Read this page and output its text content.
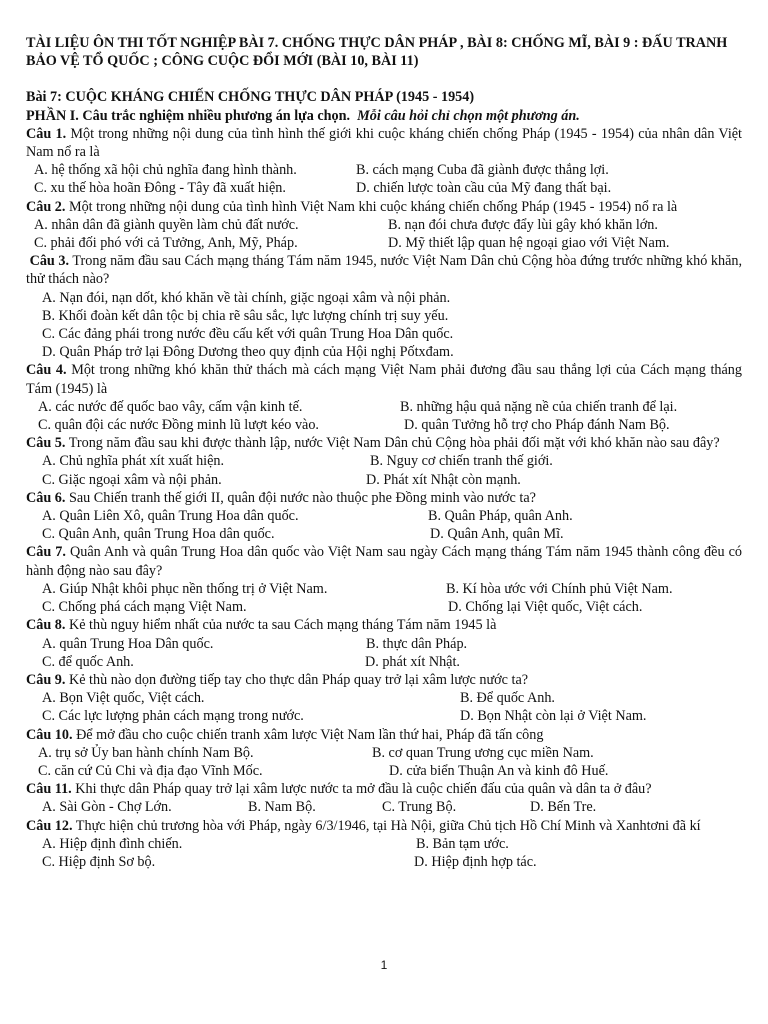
TÀI LIỆU ÔN THI TỐT NGHIỆP BÀI 7. CHỐNG THỰC DÂN PHÁP , BÀI 8: CHỐNG MĨ, BÀI 9 : ĐẤU TRANH BẢO VỆ TỔ QUỐC ; CÔNG CUỘC ĐỔI MỚI (BÀI 10, BÀI 11)

Bài 7: CUỘC KHÁNG CHIẾN CHỐNG THỰC DÂN PHÁP (1945 - 1954)

PHẦN I. Câu trắc nghiệm nhiều phương án lựa chọn. Mỗi câu hỏi chỉ chọn một phương án.

Câu 1. Một trong những nội dung của tình hình thế giới khi cuộc kháng chiến chống Pháp (1945 - 1954) của nhân dân Việt Nam nổ ra là

A. hệ thống xã hội chủ nghĩa đang hình thành.	B. cách mạng Cuba đã giành được thắng lợi.
C. xu thế hòa hoãn Đông - Tây đã xuất hiện.	D. chiến lược toàn cầu của Mỹ đang thất bại.

Câu 2. Một trong những nội dung của tình hình Việt Nam khi cuộc kháng chiến chống Pháp (1945 - 1954) nổ ra là

A. nhân dân đã giành quyền làm chủ đất nước.	B. nạn đói chưa được đẩy lùi gây khó khăn lớn.
C. phải đối phó với cả Tưởng, Anh, Mỹ, Pháp.	D. Mỹ thiết lập quan hệ ngoại giao với Việt Nam.

Câu 3. Trong năm đầu sau Cách mạng tháng Tám năm 1945, nước Việt Nam Dân chủ Cộng hòa đứng trước những khó khăn, thử thách nào?

A. Nạn đói, nạn dốt, khó khăn về tài chính, giặc ngoại xâm và nội phản.

B. Khối đoàn kết dân tộc bị chia rẽ sâu sắc, lực lượng chính trị suy yếu.

C. Các đảng phái trong nước đều cấu kết với quân Trung Hoa Dân quốc.

D. Quân Pháp trở lại Đông Dương theo quy định của Hội nghị Pốtxđam.

Câu 4. Một trong những khó khăn thử thách mà cách mạng Việt Nam phải đương đầu sau thắng lợi của Cách mạng tháng Tám (1945) là

A. các nước đế quốc bao vây, cấm vận kinh tế.	B. những hậu quả nặng nề của chiến tranh để lại.
C. quân đội các nước Đồng minh lũ lượt kéo vào.	D. quân Tưởng hỗ trợ cho Pháp đánh Nam Bộ.

Câu 5. Trong năm đầu sau khi được thành lập, nước Việt Nam Dân chủ Cộng hòa phải đối mặt với khó khăn nào sau đây?

A. Chủ nghĩa phát xít xuất hiện.	B. Nguy cơ chiến tranh thế giới.
C. Giặc ngoại xâm và nội phản.	D. Phát xít Nhật còn mạnh.

Câu 6. Sau Chiến tranh thế giới II, quân đội nước nào thuộc phe Đồng minh vào nước ta?

A. Quân Liên Xô, quân Trung Hoa dân quốc.	B. Quân Pháp, quân Anh.
C. Quân Anh, quân Trung Hoa dân quốc.	D. Quân Anh, quân Mĩ.

Câu 7. Quân Anh và quân Trung Hoa dân quốc vào Việt Nam sau ngày Cách mạng tháng Tám năm 1945 thành công đều có hành động nào sau đây?

A. Giúp Nhật khôi phục nền thống trị ở Việt Nam.	B. Kí hòa ước với Chính phủ Việt Nam.
C. Chống phá cách mạng Việt Nam.	D. Chống lại Việt quốc, Việt cách.

Câu 8. Kẻ thù nguy hiểm nhất của nước ta sau Cách mạng tháng Tám năm 1945 là

A. quân Trung Hoa Dân quốc.	B. thực dân Pháp.
C. để quốc Anh.	D. phát xít Nhật.

Câu 9. Kẻ thù nào dọn đường tiếp tay cho thực dân Pháp quay trở lại xâm lược nước ta?

A. Bọn Việt quốc, Việt cách.	B. Để quốc Anh.
C. Các lực lượng phản cách mạng trong nước.	D. Bọn Nhật còn lại ở Việt Nam.

Câu 10. Để mở đầu cho cuộc chiến tranh xâm lược Việt Nam lần thứ hai, Pháp đã tấn công

A. trụ sở Ủy ban hành chính Nam Bộ.	B. cơ quan Trung ương cục miền Nam.
C. căn cứ Củ Chi và địa đạo Vĩnh Mốc.	D. cửa biển Thuận An và kinh đô Huế.

Câu 11. Khi thực dân Pháp quay trở lại xâm lược nước ta mở đầu là cuộc chiến đấu của quân và dân ta ở đâu?

A. Sài Gòn - Chợ Lớn.	B. Nam Bộ.	C. Trung Bộ.	D. Bến Tre.

Câu 12. Thực hiện chủ trương hòa với Pháp, ngày 6/3/1946, tại Hà Nội, giữa Chủ tịch Hồ Chí Minh và Xanhtơni đã kí

A. Hiệp định đình chiến.	B. Bản tạm ước.
C. Hiệp định Sơ bộ.	D. Hiệp định hợp tác.
1
